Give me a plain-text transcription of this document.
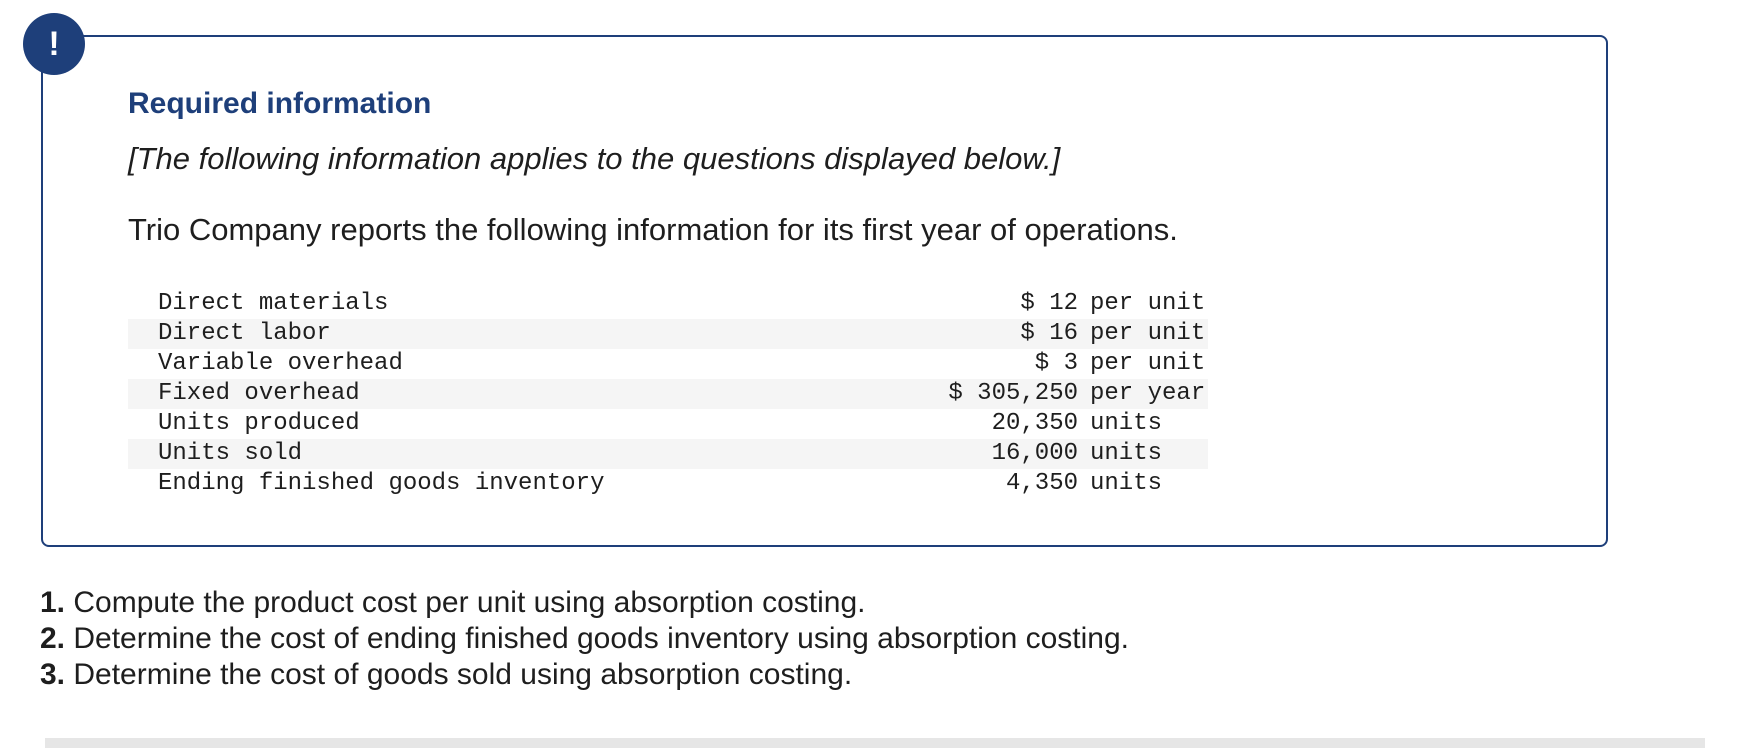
Required information

[The following information applies to the questions displayed below.]

Trio Company reports the following information for its first year of operations.

Direct materials	$ 12	per unit
Direct labor	$ 16	per unit
Variable overhead	$ 3	per unit
Fixed overhead	$ 305,250	per year
Units produced	20,350	units
Units sold	16,000	units
Ending finished goods inventory	4,350	units
!
1. Compute the product cost per unit using absorption costing.
2. Determine the cost of ending finished goods inventory using absorption costing.
3. Determine the cost of goods sold using absorption costing.
